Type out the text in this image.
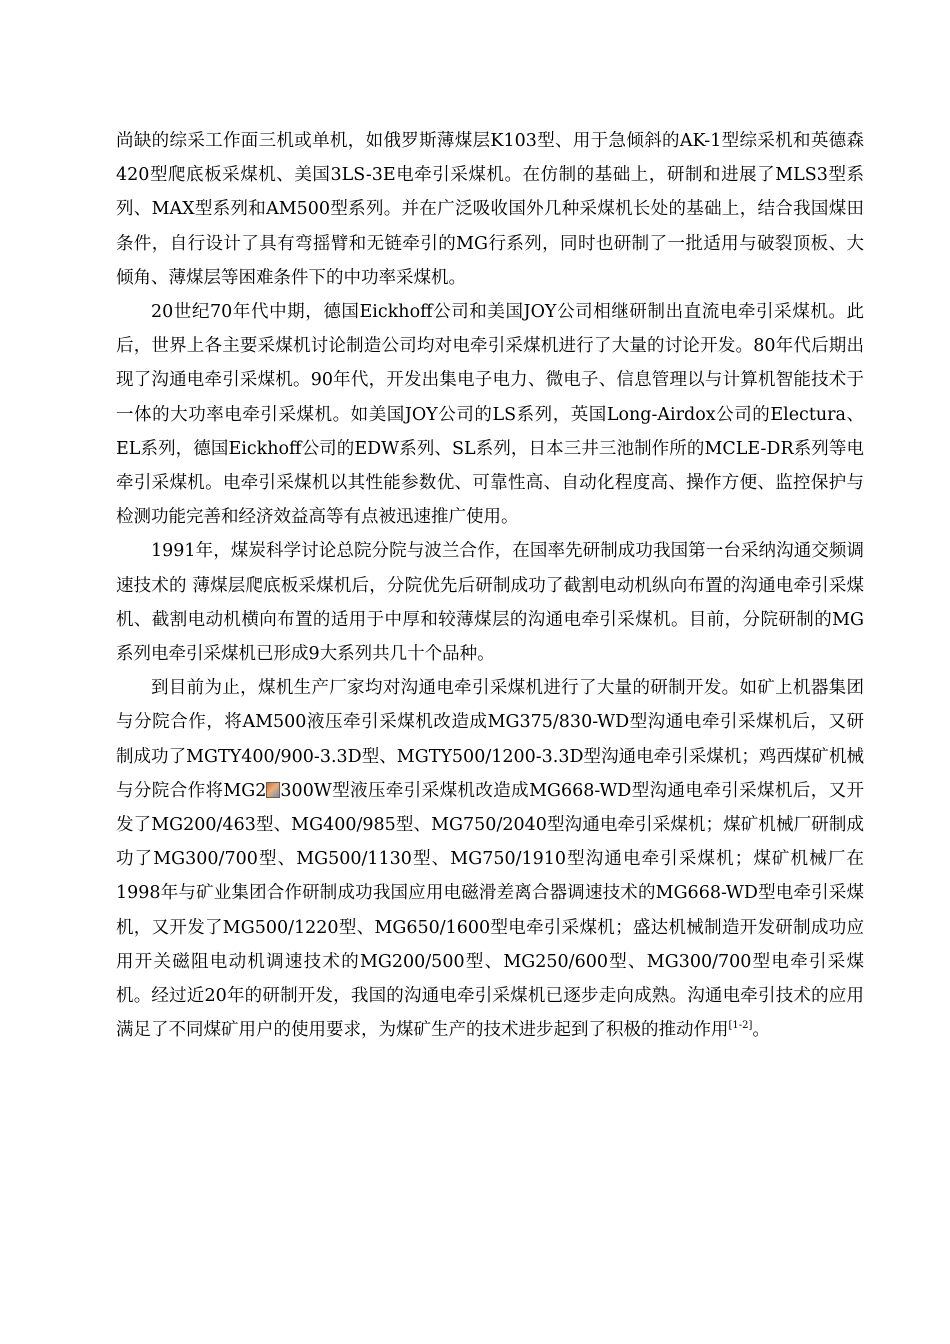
尚缺的综采工作面三机或单机，如俄罗斯薄煤层K103型、用于急倾斜的AK-1型综采机和英德森420型爬底板采煤机、美国3LS-3E电牵引采煤机。在仿制的基础上，研制和进展了MLS3型系列、MAX型系列和AM500型系列。并在广泛吸收国外几种采煤机长处的基础上，结合我国煤田条件，自行设计了具有弯摇臂和无链牵引的MG行系列，同时也研制了一批适用与破裂顶板、大倾角、薄煤层等困难条件下的中功率采煤机。

20世纪70年代中期，德国Eickhoff公司和美国JOY公司相继研制出直流电牵引采煤机。此后，世界上各主要采煤机讨论制造公司均对电牵引采煤机进行了大量的讨论开发。80年代后期出现了沟通电牵引采煤机。90年代，开发出集电子电力、微电子、信息管理以与计算机智能技术于一体的大功率电牵引采煤机。如美国JOY公司的LS系列，英国Long-Airdox公司的Electura、EL系列，德国Eickhoff公司的EDW系列、SL系列，日本三井三池制作所的MCLE-DR系列等电牵引采煤机。电牵引采煤机以其性能参数优、可靠性高、自动化程度高、操作方便、监控保护与检测功能完善和经济效益高等有点被迅速推广使用。

1991年，煤炭科学讨论总院分院与波兰合作，在国率先研制成功我国第一台采纳沟通交频调速技术的 薄煤层爬底板采煤机后，分院优先后研制成功了截割电动机纵向布置的沟通电牵引采煤机、截割电动机横向布置的适用于中厚和较薄煤层的沟通电牵引采煤机。目前，分院研制的MG系列电牵引采煤机已形成9大系列共几十个品种。

到目前为止，煤机生产厂家均对沟通电牵引采煤机进行了大量的研制开发。如矿上机器集团与分院合作，将AM500液压牵引采煤机改造成MG375/830-WD型沟通电牵引采煤机后，又研制成功了MGTY400/900-3.3D型、MGTY500/1200-3.3D型沟通电牵引采煤机；鸡西煤矿机械与分院合作将MG2 300W型液压牵引采煤机改造成MG668-WD型沟通电牵引采煤机后，又开发了MG200/463型、MG400/985型、MG750/2040型沟通电牵引采煤机；煤矿机械厂研制成功了MG300/700型、MG500/1130型、MG750/1910型沟通电牵引采煤机；煤矿机械厂在1998年与矿业集团合作研制成功我国应用电磁滑差离合器调速技术的MG668-WD型电牵引采煤机，又开发了MG500/1220型、MG650/1600型电牵引采煤机；盛达机械制造开发研制成功应用开关磁阻电动机调速技术的MG200/500型、MG250/600型、MG300/700型电牵引采煤机。经过近20年的研制开发，我国的沟通电牵引采煤机已逐步走向成熟。沟通电牵引技术的应用满足了不同煤矿用户的使用要求，为煤矿生产的技术进步起到了积极的推动作用[1-2]。
